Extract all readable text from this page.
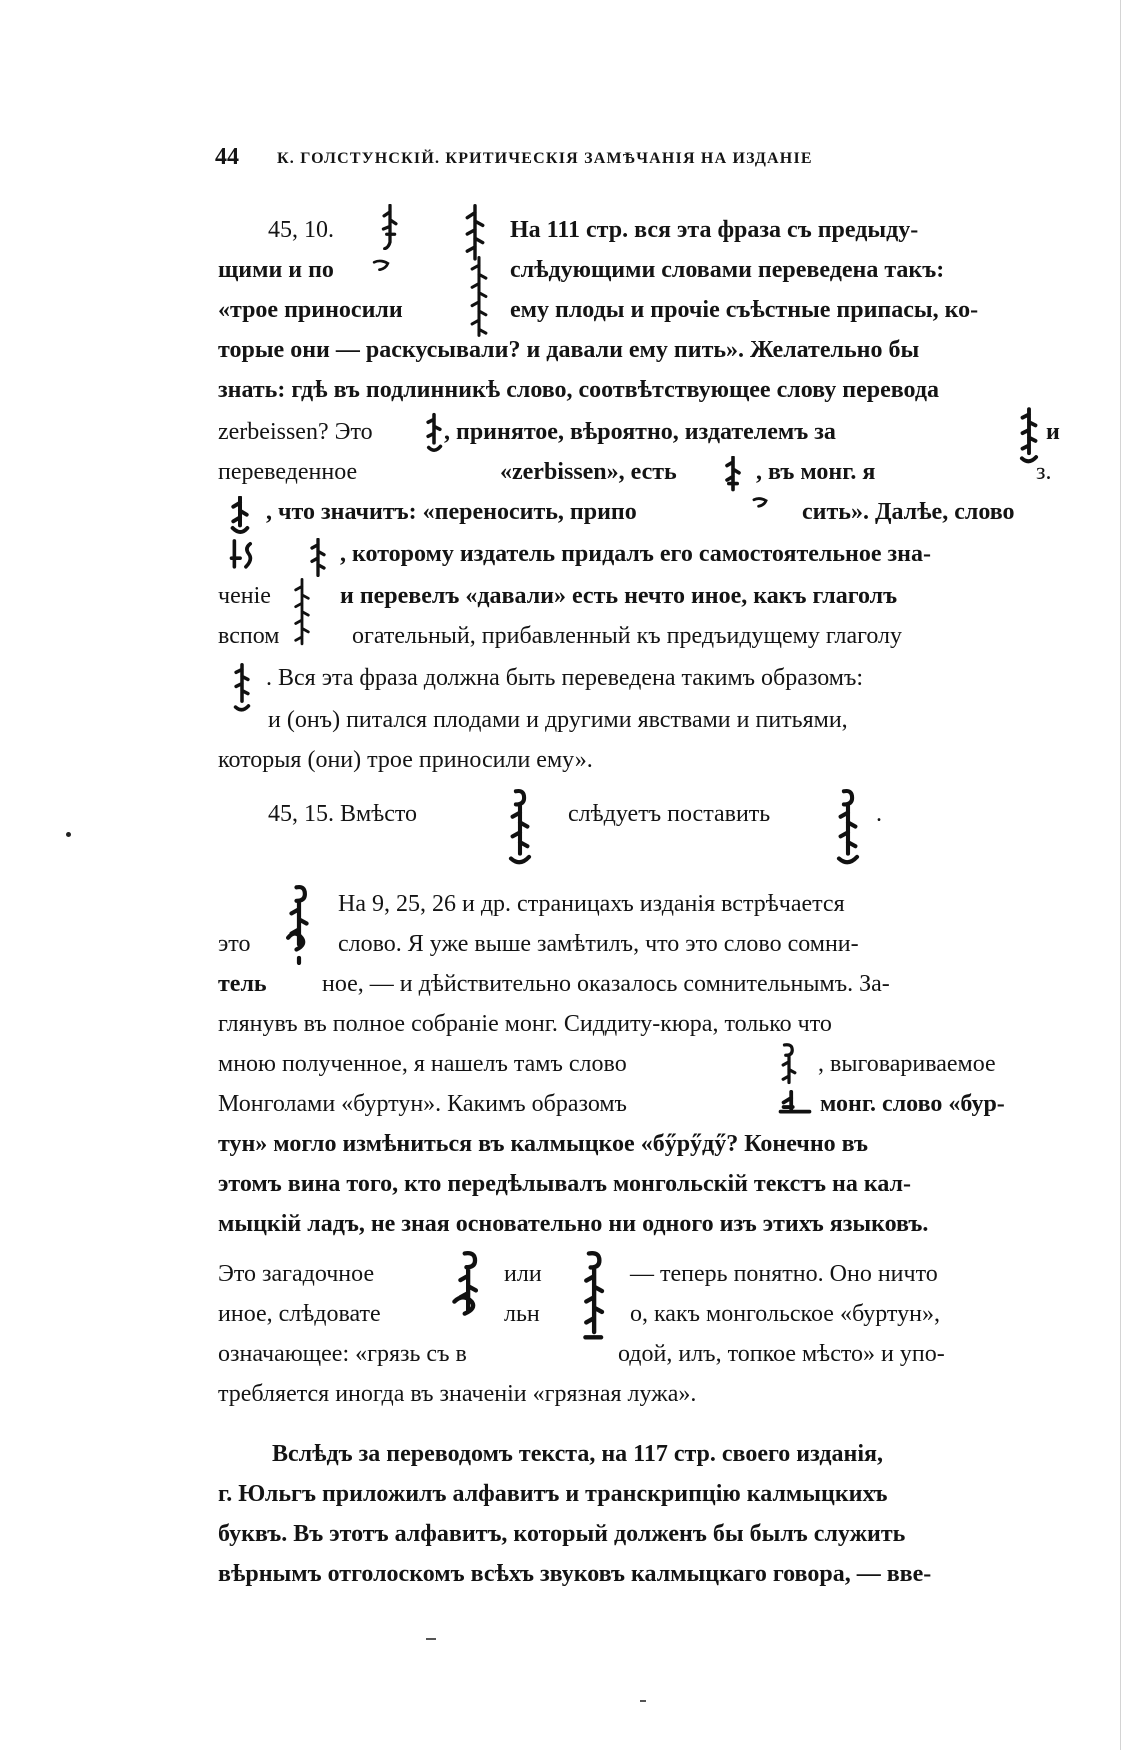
44 К. ГОЛСТУНСКІЙ. КРИТИЧЕСКІЯ ЗАМѢЧАНІЯ НА ИЗДАНІЕ
45, 10.	На 111 стр. вся эта фраза съ предыду-
щими и по	слѣдующими словами переведена такъ:
«трое приносили	ему плоды и прочіе съѣстные припасы, ко-
торые они — раскусывали? и давали ему пить». Желательно бы
знать: гдѣ въ подлинникѣ слово, соотвѣтствующее слову перевода
zerbeissen? Это	, принятое, вѣроятно, издателемъ за	и
переведенное	«zerbissen», есть	, въ монг. я	з.
, что значитъ: «переносить, припо	сить». Далѣе, слово
, которому издатель придалъ его самостоятельное зна-
ченіе	и перевелъ «давали» есть нечто иное, какъ глаголъ
вспом	огательный, прибавленный къ предъидущему глаголу
. Вся эта фраза должна быть переведена такимъ образомъ:
и (онъ) питался плодами и другими явствами и питьями,
которыя (они) трое приносили ему».
45, 15. Вмѣсто	слѣдуетъ поставить	.
На 9, 25, 26 и др. страницахъ изданія встрѣчается
это	слово. Я уже выше замѣтилъ, что это слово сомни-
тель ное, — и дѣйствительно оказалось сомнительнымъ. За-
глянувъ въ полное собраніе монг. Сиддиту-кюра, только что
мною полученное, я нашелъ тамъ слово	, выговариваемое
Монголами «буртун». Какимъ образомъ	монг. слово «бур-
тун» могло измѣниться въ калмыцкое «бӳрӳдӳ? Конечно въ
этомъ вина того, кто передѣлывалъ монгольскій текстъ на кал-
мыцкій ладъ, не зная основательно ни одного изъ этихъ языковъ.
Это загадочное	или	— теперь понятно. Оно ничто
иное, слѣдовате	льн	о, какъ монгольское «буртун»,
означающее: «грязь съ в	одой, илъ, топкое мѣсто» и упо-
требляется иногда въ значеніи «грязная лужа».
Вслѣдъ за переводомъ текста, на 117 стр. своего изданія,
г. Юльгъ приложилъ алфавитъ и транскрипцію калмыцкихъ
буквъ. Въ этотъ алфавитъ, который долженъ бы былъ служить
вѣрнымъ отголоскомъ всѣхъ звуковъ калмыцкаго говора, — вве-
